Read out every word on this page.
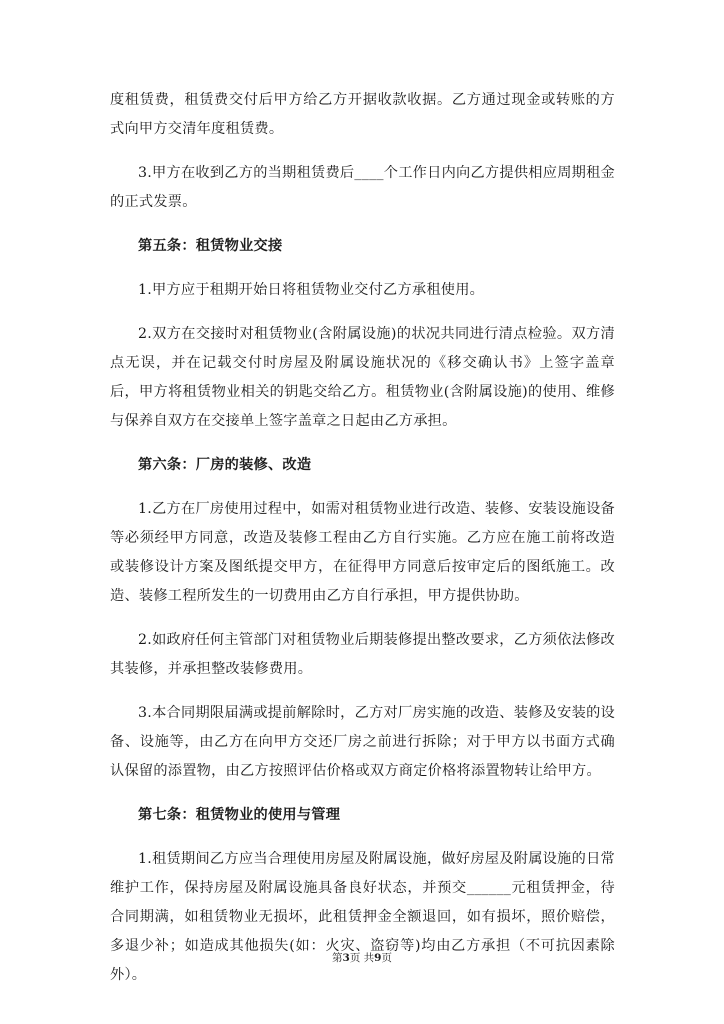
度租赁费，租赁费交付后甲方给乙方开据收款收据。乙方通过现金或转账的方式向甲方交清年度租赁费。

3.甲方在收到乙方的当期租赁费后____个工作日内向乙方提供相应周期租金的正式发票。

第五条：租赁物业交接

1.甲方应于租期开始日将租赁物业交付乙方承租使用。

2.双方在交接时对租赁物业(含附属设施)的状况共同进行清点检验。双方清点无误，并在记载交付时房屋及附属设施状况的《移交确认书》上签字盖章后，甲方将租赁物业相关的钥匙交给乙方。租赁物业(含附属设施)的使用、维修与保养自双方在交接单上签字盖章之日起由乙方承担。

第六条：厂房的装修、改造

1.乙方在厂房使用过程中，如需对租赁物业进行改造、装修、安装设施设备等必须经甲方同意，改造及装修工程由乙方自行实施。乙方应在施工前将改造或装修设计方案及图纸提交甲方，在征得甲方同意后按审定后的图纸施工。改造、装修工程所发生的一切费用由乙方自行承担，甲方提供协助。

2.如政府任何主管部门对租赁物业后期装修提出整改要求，乙方须依法修改其装修，并承担整改装修费用。

3.本合同期限届满或提前解除时，乙方对厂房实施的改造、装修及安装的设备、设施等，由乙方在向甲方交还厂房之前进行拆除；对于甲方以书面方式确认保留的添置物，由乙方按照评估价格或双方商定价格将添置物转让给甲方。

第七条：租赁物业的使用与管理

1.租赁期间乙方应当合理使用房屋及附属设施，做好房屋及附属设施的日常维护工作，保持房屋及附属设施具备良好状态，并预交______元租赁押金，待合同期满，如租赁物业无损坏，此租赁押金全额退回，如有损坏，照价赔偿，多退少补；如造成其他损失(如：火灾、盗窃等)均由乙方承担（不可抗因素除外）。

第3页 共9页
